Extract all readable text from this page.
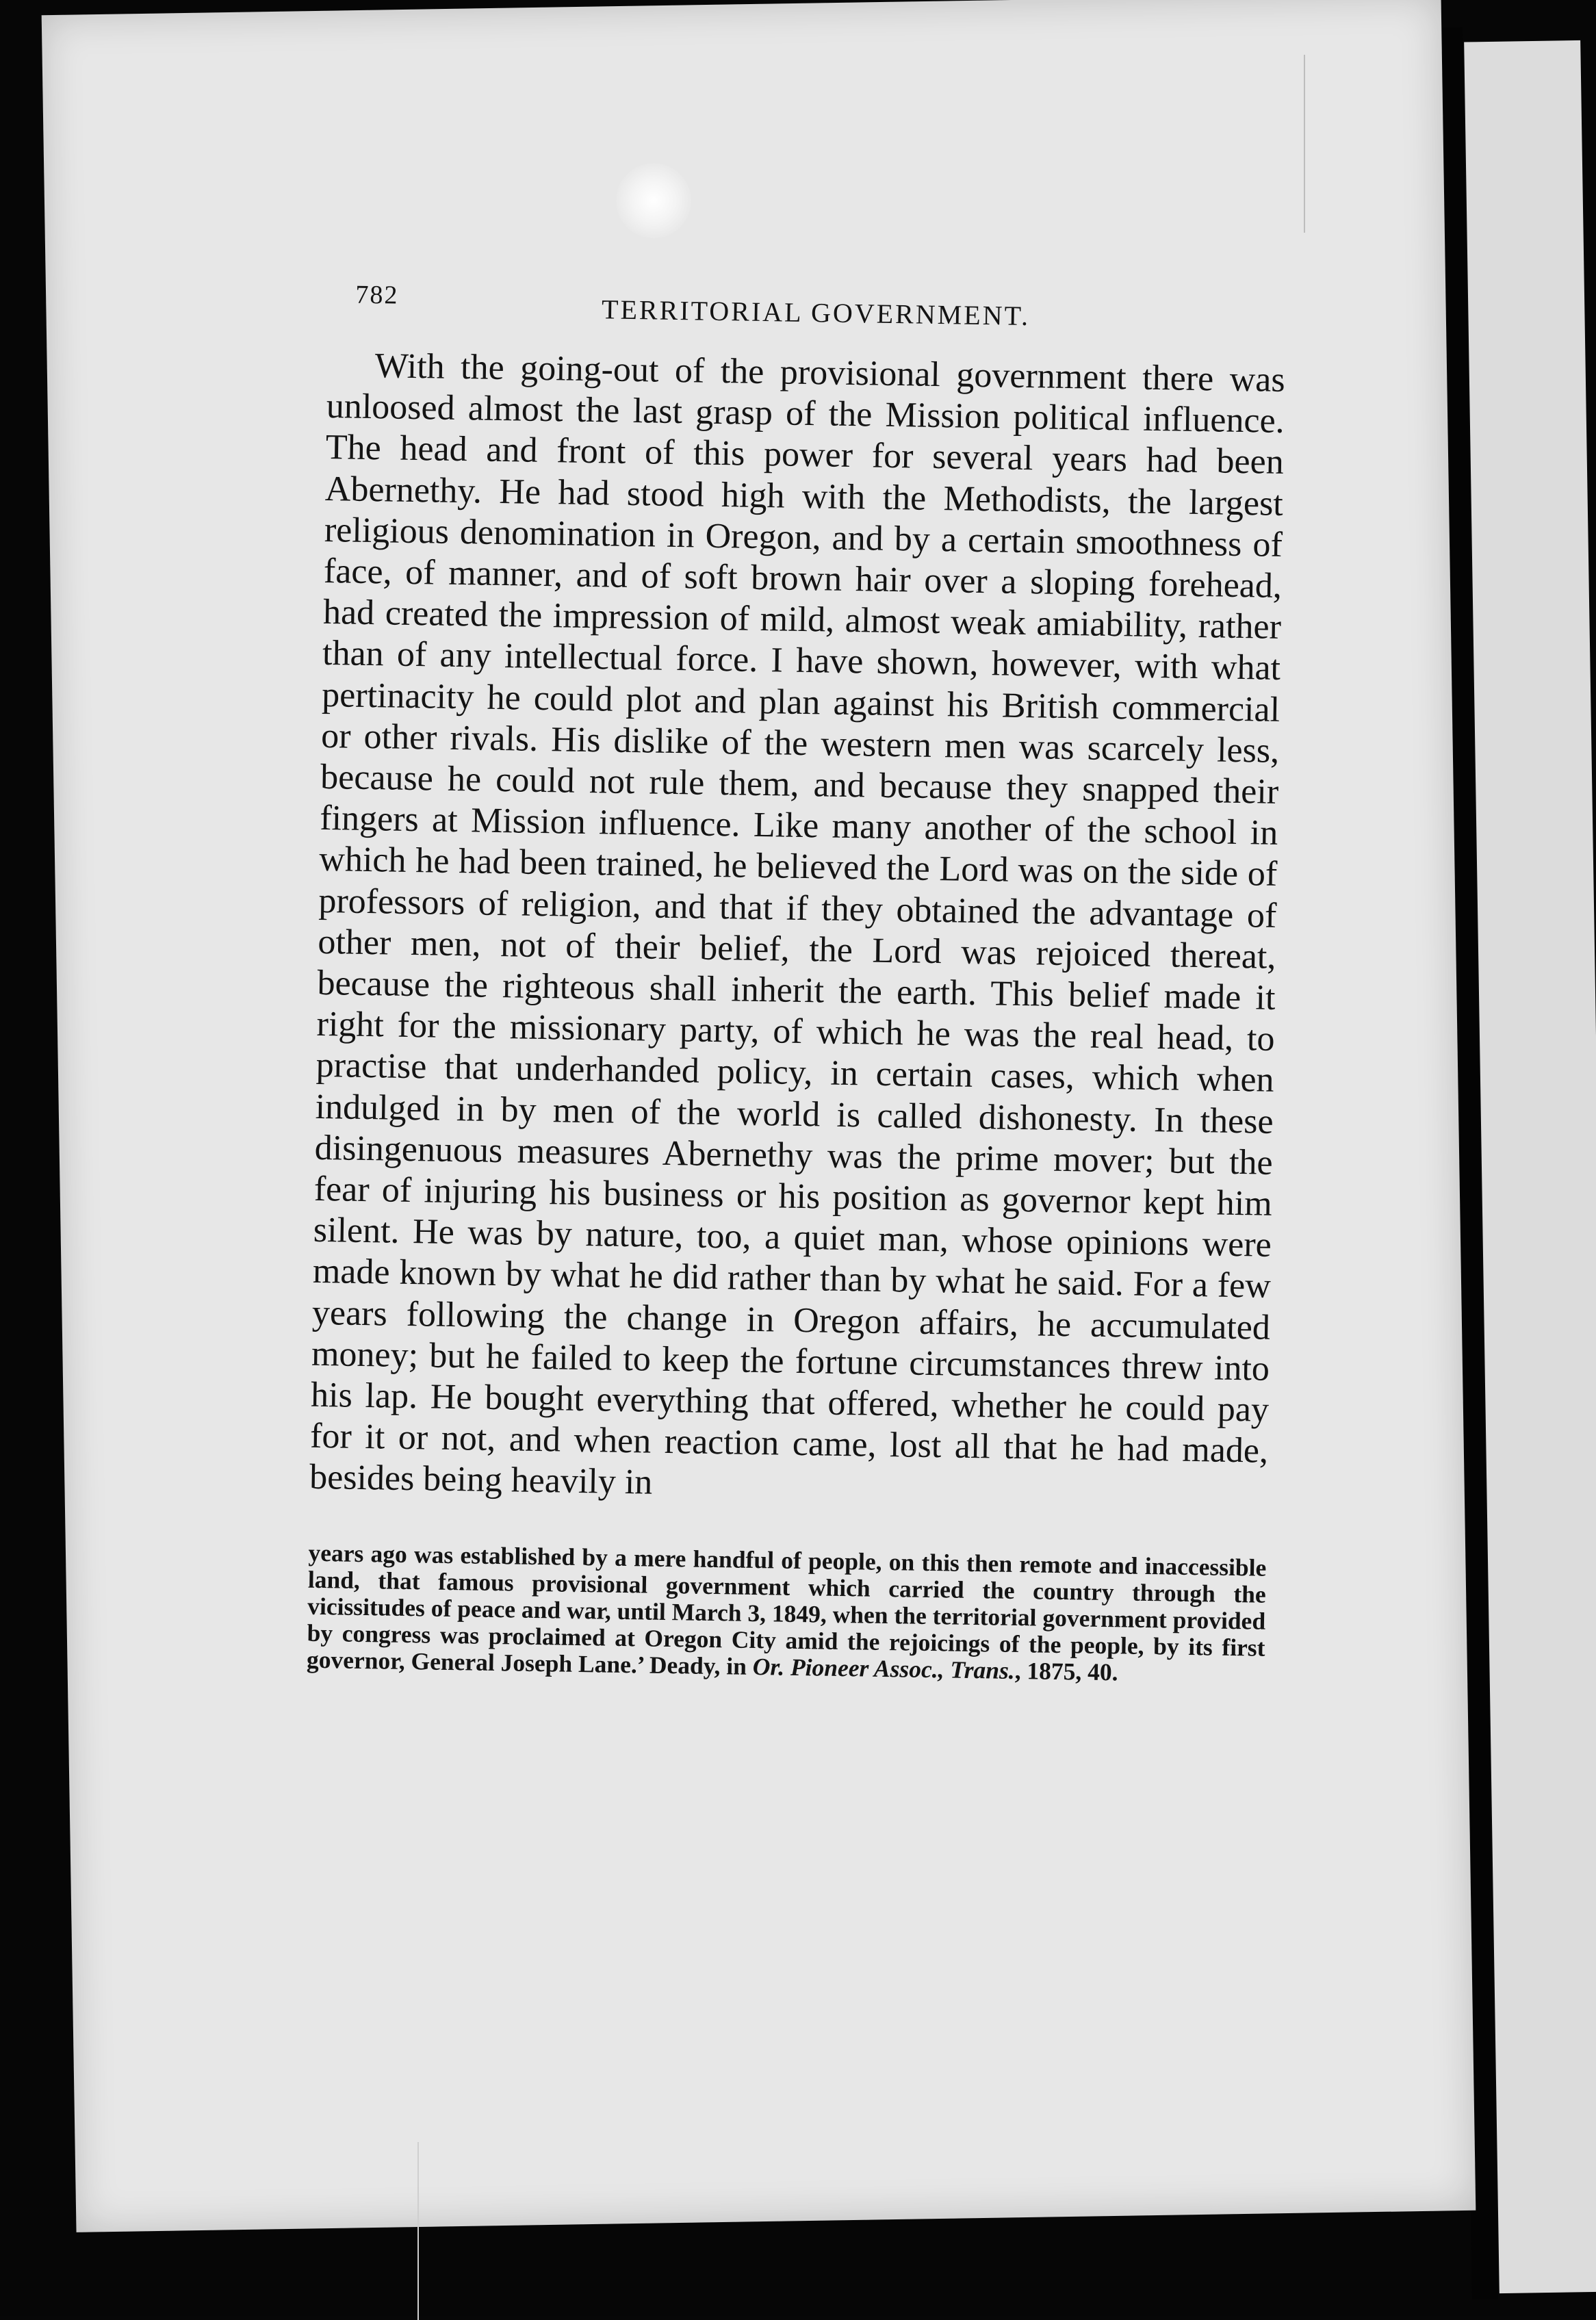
782	TERRITORIAL GOVERNMENT.

With the going-out of the provisional government there was unloosed almost the last grasp of the Mission political influence. The head and front of this power for several years had been Abernethy. He had stood high with the Methodists, the largest religious denomination in Oregon, and by a certain smoothness of face, of manner, and of soft brown hair over a sloping forehead, had created the impression of mild, almost weak amiability, rather than of any intellectual force. I have shown, however, with what pertinacity he could plot and plan against his British commercial or other rivals. His dislike of the western men was scarcely less, because he could not rule them, and because they snapped their fingers at Mission influence. Like many another of the school in which he had been trained, he believed the Lord was on the side of professors of religion, and that if they obtained the advantage of other men, not of their belief, the Lord was rejoiced thereat, because the righteous shall inherit the earth. This belief made it right for the missionary party, of which he was the real head, to practise that underhanded policy, in certain cases, which when indulged in by men of the world is called dishonesty. In these disingenuous measures Abernethy was the prime mover; but the fear of injuring his business or his position as governor kept him silent. He was by nature, too, a quiet man, whose opinions were made known by what he did rather than by what he said. For a few years following the change in Oregon affairs, he accumulated money; but he failed to keep the fortune circumstances threw into his lap. He bought everything that offered, whether he could pay for it or not, and when reaction came, lost all that he had made, besides being heavily in

years ago was established by a mere handful of people, on this then remote and inaccessible land, that famous provisional government which carried the country through the vicissitudes of peace and war, until March 3, 1849, when the territorial government provided by congress was proclaimed at Oregon City amid the rejoicings of the people, by its first governor, General Joseph Lane.’ Deady, in Or. Pioneer Assoc., Trans., 1875, 40.
